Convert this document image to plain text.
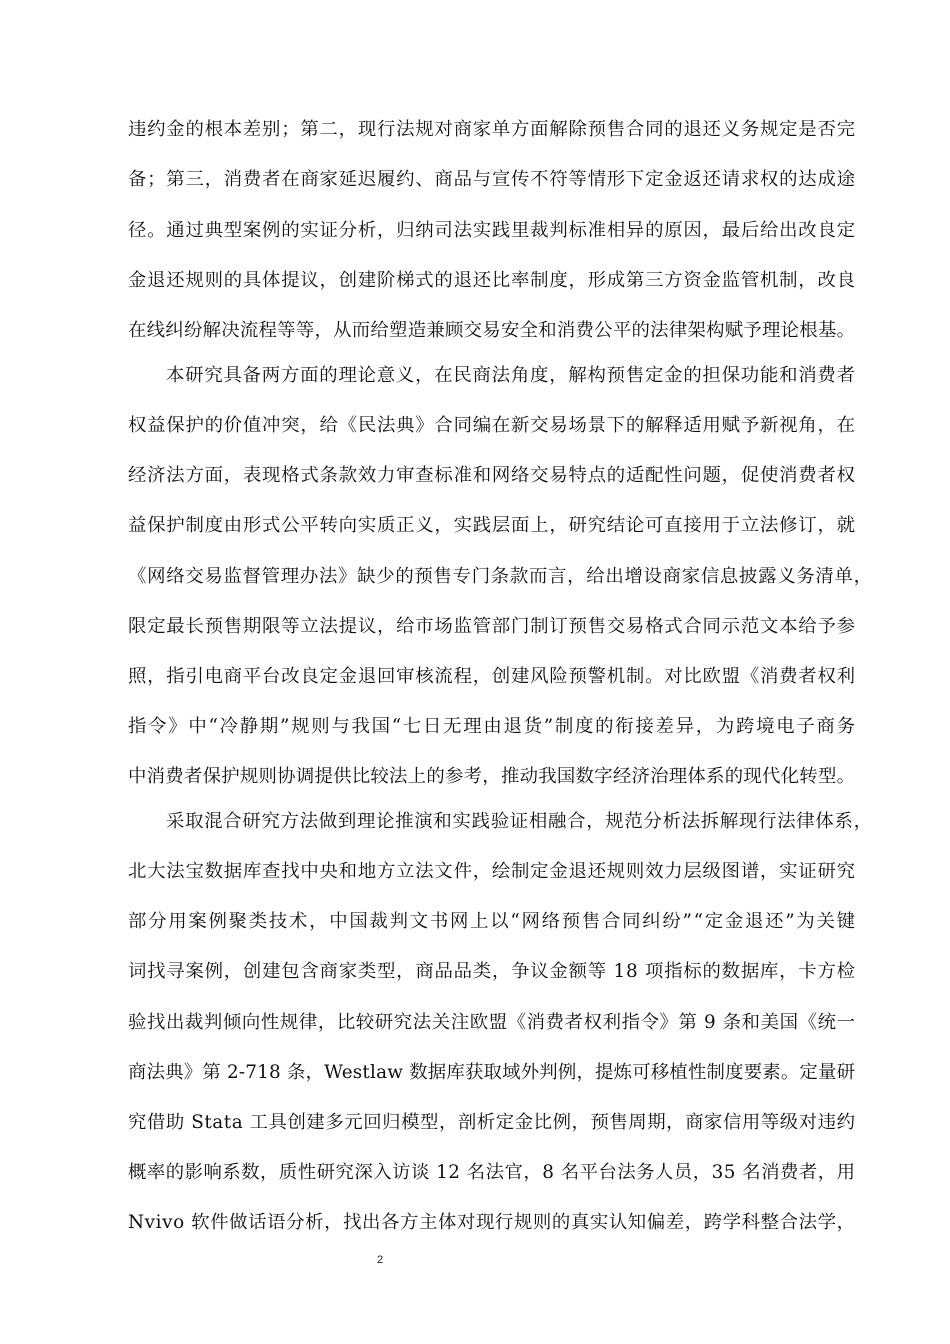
违约金的根本差别；第二，现行法规对商家单方面解除预售合同的退还义务规定是否完
备；第三，消费者在商家延迟履约、商品与宣传不符等情形下定金返还请求权的达成途
径。通过典型案例的实证分析，归纳司法实践里裁判标准相异的原因，最后给出改良定
金退还规则的具体提议，创建阶梯式的退还比率制度，形成第三方资金监管机制，改良
在线纠纷解决流程等等，从而给塑造兼顾交易安全和消费公平的法律架构赋予理论根基。
本研究具备两方面的理论意义，在民商法角度，解构预售定金的担保功能和消费者
权益保护的价值冲突，给《民法典》合同编在新交易场景下的解释适用赋予新视角，在
经济法方面，表现格式条款效力审查标准和网络交易特点的适配性问题，促使消费者权
益保护制度由形式公平转向实质正义，实践层面上，研究结论可直接用于立法修订，就
《网络交易监督管理办法》缺少的预售专门条款而言，给出增设商家信息披露义务清单，
限定最长预售期限等立法提议，给市场监管部门制订预售交易格式合同示范文本给予参
照，指引电商平台改良定金退回审核流程，创建风险预警机制。对比欧盟《消费者权利
指令》中“冷静期”规则与我国“七日无理由退货”制度的衔接差异，为跨境电子商务
中消费者保护规则协调提供比较法上的参考，推动我国数字经济治理体系的现代化转型。
采取混合研究方法做到理论推演和实践验证相融合，规范分析法拆解现行法律体系，
北大法宝数据库查找中央和地方立法文件，绘制定金退还规则效力层级图谱，实证研究
部分用案例聚类技术，中国裁判文书网上以“网络预售合同纠纷”“定金退还”为关键
词找寻案例，创建包含商家类型，商品品类，争议金额等 18 项指标的数据库，卡方检
验找出裁判倾向性规律，比较研究法关注欧盟《消费者权利指令》第 9 条和美国《统一
商法典》第 2-718 条，Westlaw 数据库获取域外判例，提炼可移植性制度要素。定量研
究借助 Stata 工具创建多元回归模型，剖析定金比例，预售周期，商家信用等级对违约
概率的影响系数，质性研究深入访谈 12 名法官，8 名平台法务人员，35 名消费者，用
Nvivo 软件做话语分析，找出各方主体对现行规则的真实认知偏差，跨学科整合法学，
2
